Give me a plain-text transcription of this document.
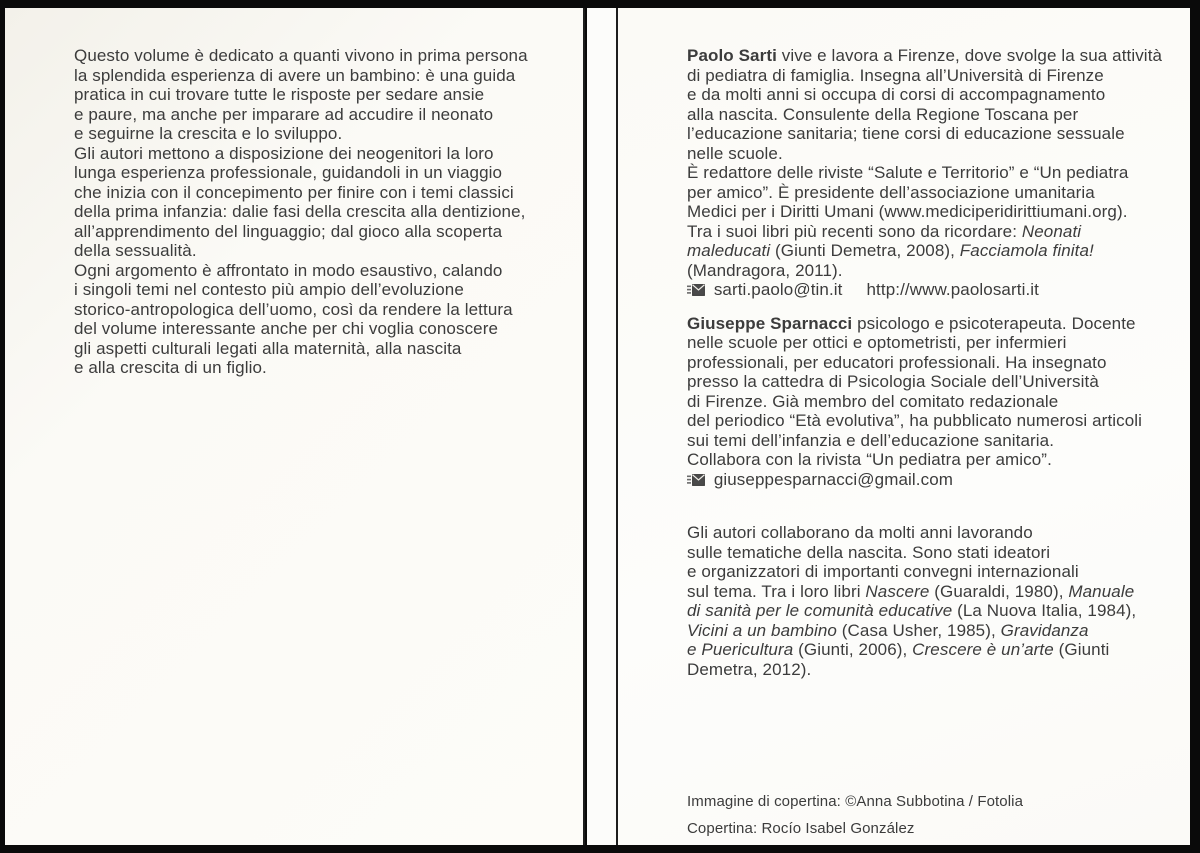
Questo volume è dedicato a quanti vivono in prima persona
la splendida esperienza di avere un bambino: è una guida
pratica in cui trovare tutte le risposte per sedare ansie
e paure, ma anche per imparare ad accudire il neonato
e seguirne la crescita e lo sviluppo.
Gli autori mettono a disposizione dei neogenitori la loro
lunga esperienza professionale, guidandoli in un viaggio
che inizia con il concepimento per finire con i temi classici
della prima infanzia: dalie fasi della crescita alla dentizione,
all’apprendimento del linguaggio; dal gioco alla scoperta
della sessualità.
Ogni argomento è affrontato in modo esaustivo, calando
i singoli temi nel contesto più ampio dell’evoluzione
storico-antropologica dell’uomo, così da rendere la lettura
del volume interessante anche per chi voglia conoscere
gli aspetti culturali legati alla maternità, alla nascita
e alla crescita di un figlio.

Paolo Sarti vive e lavora a Firenze, dove svolge la sua attività
di pediatra di famiglia. Insegna all’Università di Firenze
e da molti anni si occupa di corsi di accompagnamento
alla nascita. Consulente della Regione Toscana per
l’educazione sanitaria; tiene corsi di educazione sessuale
nelle scuole.
È redattore delle riviste “Salute e Territorio” e “Un pediatra
per amico”. È presidente dell’associazione umanitaria
Medici per i Diritti Umani (www.mediciperidirittiumani.org).
Tra i suoi libri più recenti sono da ricordare: Neonati
maleducati (Giunti Demetra, 2008), Facciamola finita!
(Mandragora, 2011).

sarti.paolo@tin.it http://www.paolosarti.it

Giuseppe Sparnacci psicologo e psicoterapeuta. Docente
nelle scuole per ottici e optometristi, per infermieri
professionali, per educatori professionali. Ha insegnato
presso la cattedra di Psicologia Sociale dell’Università
di Firenze. Già membro del comitato redazionale
del periodico “Età evolutiva”, ha pubblicato numerosi articoli
sui temi dell’infanzia e dell’educazione sanitaria.
Collabora con la rivista “Un pediatra per amico”.

giuseppesparnacci@gmail.com

Gli autori collaborano da molti anni lavorando
sulle tematiche della nascita. Sono stati ideatori
e organizzatori di importanti convegni internazionali
sul tema. Tra i loro libri Nascere (Guaraldi, 1980), Manuale
di sanità per le comunità educative (La Nuova Italia, 1984),
Vicini a un bambino (Casa Usher, 1985), Gravidanza
e Puericultura (Giunti, 2006), Crescere è un’arte (Giunti
Demetra, 2012).

Immagine di copertina: ©Anna Subbotina / Fotolia
Copertina: Rocío Isabel González
